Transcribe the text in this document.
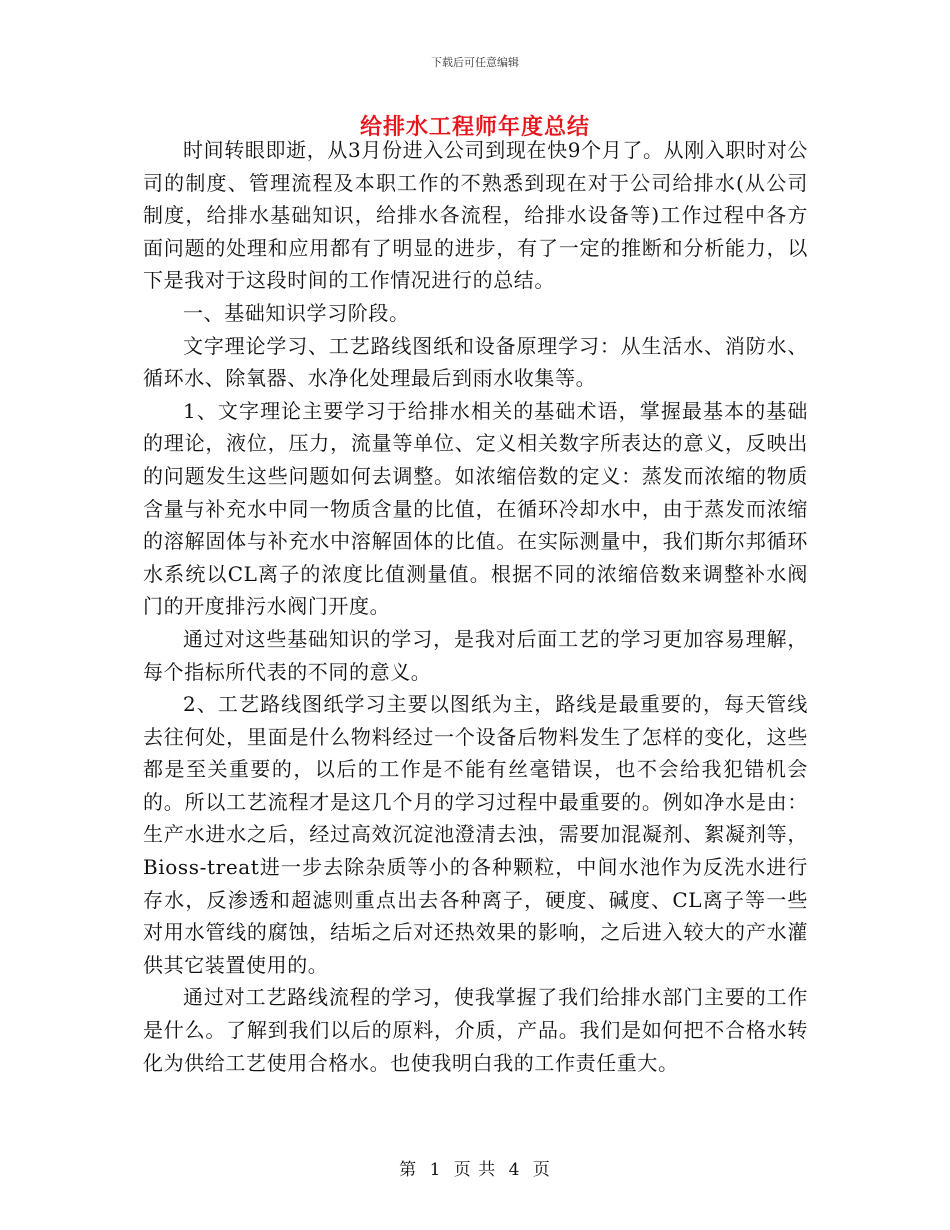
下载后可任意编辑
给排水工程师年度总结

时间转眼即逝，从3月份进入公司到现在快9个月了。从刚入职时对公司的制度、管理流程及本职工作的不熟悉到现在对于公司给排水(从公司制度，给排水基础知识，给排水各流程，给排水设备等)工作过程中各方面问题的处理和应用都有了明显的进步，有了一定的推断和分析能力，以下是我对于这段时间的工作情况进行的总结。

一、基础知识学习阶段。

文字理论学习、工艺路线图纸和设备原理学习：从生活水、消防水、循环水、除氧器、水净化处理最后到雨水收集等。

1、文字理论主要学习于给排水相关的基础术语，掌握最基本的基础的理论，液位，压力，流量等单位、定义相关数字所表达的意义，反映出的问题发生这些问题如何去调整。如浓缩倍数的定义：蒸发而浓缩的物质含量与补充水中同一物质含量的比值，在循环冷却水中，由于蒸发而浓缩的溶解固体与补充水中溶解固体的比值。在实际测量中，我们斯尔邦循环水系统以CL离子的浓度比值测量值。根据不同的浓缩倍数来调整补水阀门的开度排污水阀门开度。

通过对这些基础知识的学习，是我对后面工艺的学习更加容易理解，每个指标所代表的不同的意义。

2、工艺路线图纸学习主要以图纸为主，路线是最重要的，每天管线去往何处，里面是什么物料经过一个设备后物料发生了怎样的变化，这些都是至关重要的，以后的工作是不能有丝毫错误，也不会给我犯错机会的。所以工艺流程才是这几个月的学习过程中最重要的。例如净水是由：生产水进水之后，经过高效沉淀池澄清去浊，需要加混凝剂、絮凝剂等，Bioss-treat进一步去除杂质等小的各种颗粒，中间水池作为反洗水进行存水，反渗透和超滤则重点出去各种离子，硬度、碱度、CL离子等一些对用水管线的腐蚀，结垢之后对还热效果的影响，之后进入较大的产水灌供其它装置使用的。

通过对工艺路线流程的学习，使我掌握了我们给排水部门主要的工作是什么。了解到我们以后的原料，介质，产品。我们是如何把不合格水转化为供给工艺使用合格水。也使我明白我的工作责任重大。

第 1 页 共 4 页
